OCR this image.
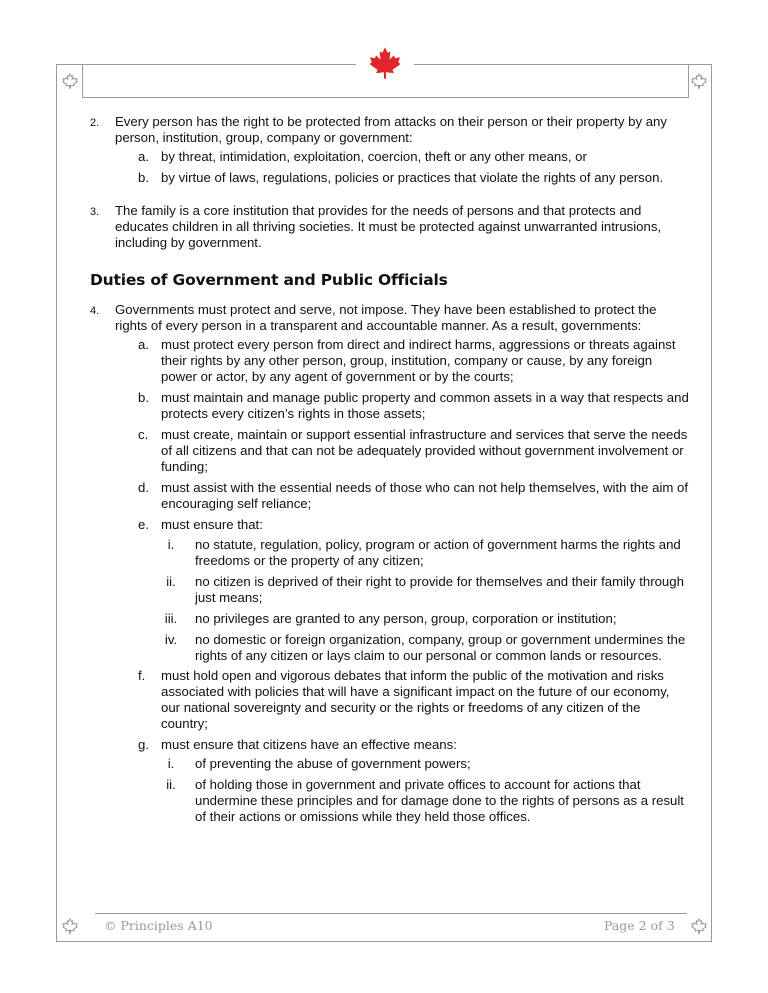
2. Every person has the right to be protected from attacks on their person or their property by any person, institution, group, company or government:
a. by threat, intimidation, exploitation, coercion, theft or any other means, or
b. by virtue of laws, regulations, policies or practices that violate the rights of any person.
3. The family is a core institution that provides for the needs of persons and that protects and educates children in all thriving societies. It must be protected against unwarranted intrusions, including by government.
Duties of Government and Public Officials
4. Governments must protect and serve, not impose. They have been established to protect the rights of every person in a transparent and accountable manner. As a result, governments:
a. must protect every person from direct and indirect harms, aggressions or threats against their rights by any other person, group, institution, company or cause, by any foreign power or actor, by any agent of government or by the courts;
b. must maintain and manage public property and common assets in a way that respects and protects every citizen’s rights in those assets;
c. must create, maintain or support essential infrastructure and services that serve the needs of all citizens and that can not be adequately provided without government involvement or funding;
d. must assist with the essential needs of those who can not help themselves, with the aim of encouraging self reliance;
e. must ensure that:
i.	no statute, regulation, policy, program or action of government harms the rights and freedoms or the property of any citizen;
ii.	no citizen is deprived of their right to provide for themselves and their family through just means;
iii.	no privileges are granted to any person, group, corporation or institution;
iv.	no domestic or foreign organization, company, group or government undermines the rights of any citizen or lays claim to our personal or common lands or resources.
f. must hold open and vigorous debates that inform the public of the motivation and risks associated with policies that will have a significant impact on the future of our economy, our national sovereignty and security or the rights or freedoms of any citizen of the country;
g. must ensure that citizens have an effective means:
i.	of preventing the abuse of government powers;
ii.	of holding those in government and private offices to account for actions that undermine these principles and for damage done to the rights of persons as a result of their actions or omissions while they held those offices.
© Principles A10	Page 2 of 3
